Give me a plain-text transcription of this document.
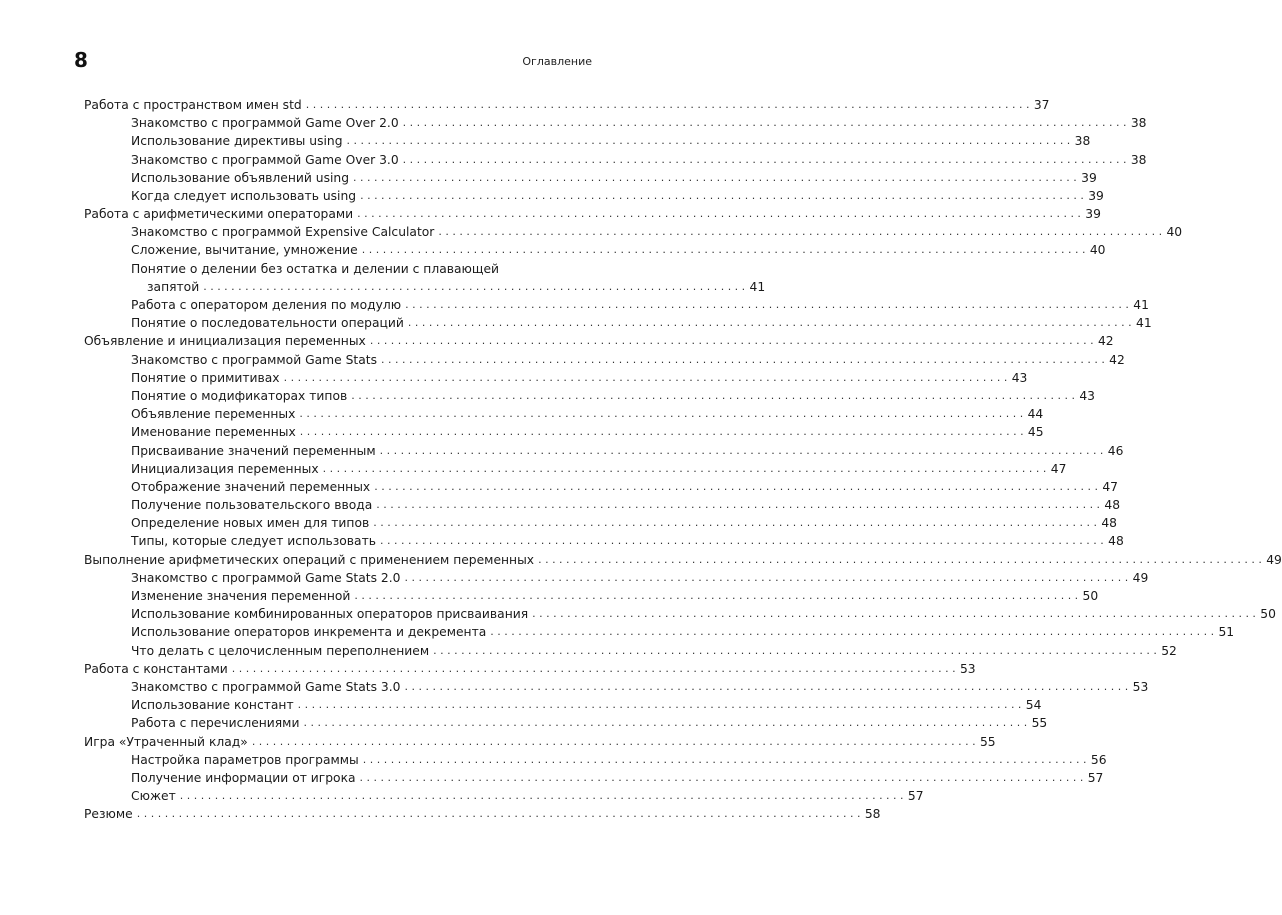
8	Оглавление
Работа с пространством имен std . . .	37
Знакомство с программой Game Over 2.0 . . .	38
Использование директивы using . . .	38
Знакомство с программой Game Over 3.0 . . .	38
Использование объявлений using . . .	39
Когда следует использовать using . . .	39
Работа с арифметическими операторами . . .	39
Знакомство с программой Expensive Calculator . . .	40
Сложение, вычитание, умножение . . .	40
Понятие о делении без остатка и делении с плавающей
запятой . . . . . . . . . . . . . . . . . . . . . . . . . . . . . . . . . . . . . . . . . . . . . . . . . . . . . . . . . . . . . . . . . . . . . . . . . . . . . . 41
Работа с оператором деления по модулю . . .	41
Понятие о последовательности операций . . .	41
Объявление и инициализация переменных . . .	42
Знакомство с программой Game Stats . . .	42
Понятие о примитивах . . .	43
Понятие о модификаторах типов . . .	43
Объявление переменных . . .	44
Именование переменных . . .	45
Присваивание значений переменным . . .	46
Инициализация переменных . . .	47
Отображение значений переменных . . .	47
Получение пользовательского ввода . . .	48
Определение новых имен для типов . . .	48
Типы, которые следует использовать . . .	48
Выполнение арифметических операций с применением переменных . . .	49
Знакомство с программой Game Stats 2.0 . . .	49
Изменение значения переменной . . .	50
Использование комбинированных операторов присваивания . . .	50
Использование операторов инкремента и декремента . . .	51
Что делать с целочисленным переполнением . . .	52
Работа с константами . . .	53
Знакомство с программой Game Stats 3.0 . . .	53
Использование констант . . .	54
Работа с перечислениями . . .	55
Игра «Утраченный клад» . . .	55
Настройка параметров программы . . .	56
Получение информации от игрока . . .	57
Сюжет . . .	57
Резюме . . .	58
